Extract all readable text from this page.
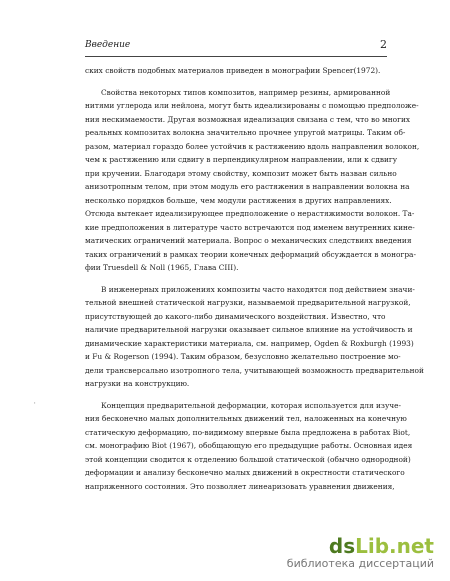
Введение	2
ских свойств подобных материалов приведен в монографии Spencer(1972).
Свойства некоторых типов композитов, например резины, армированной
нитями углерода или нейлона, могут быть идеализированы с помощью предположе-
ния нескимаемости. Другая возможная идеализация связана с тем, что во многих
реальных композитах волокна значительно прочнее упругой матрицы. Таким об-
разом, материал гораздо более устойчив к растяжению вдоль направления волокон,
чем к растяжению или сдвигу в перпендикулярном направлении, или к сдвигу
при кручении. Благодаря этому свойству, композит может быть назван сильно
анизотропным телом, при этом модуль его растяжения в направлении волокна на
несколько порядков больше, чем модули растяжения в других направлениях.
Отсюда вытекает идеализирующее предположение о нерастяжимости волокон. Та-
кие предположения в литературе часто встречаются под именем внутренних кине-
матических ограничений материала. Вопрос о механических следствиях введения
таких ограничений в рамках теории конечных деформаций обсуждается в моногра-
фии Truesdell & Noll (1965, Глава CIII).
В инженерных приложениях композиты часто находятся под действием значи-
тельной внешней статической нагрузки, называемой предварительной нагрузкой,
присутствующей до какого-либо динамического воздействия. Известно, что
наличие предварительной нагрузки оказывает сильное влияние на устойчивость и
динамические характеристики материала, см. например, Ogden & Roxburgh (1993)
и Fu & Rogerson (1994). Таким образом, безусловно желательно построение мо-
дели трансверсально изотропного тела, учитывающей возможность предварительной
нагрузки на конструкцию.
Концепция предварительной деформации, которая используется для изуче-
ния бесконечно малых дополнительных движений тел, наложенных на конечную
статическую деформацию, по-видимому впервые была предложена в работах Biot,
см. монографию Biot (1967), обобщающую его предыдущие работы. Основная идея
этой концепции сводится к отделению большой статической (обычно однородной)
деформации и анализу бесконечно малых движений в окрестности статического
напряженного состояния. Это позволяет линеаризовать уравнения движения,
'
dsLib.net
библиотека диссертаций
